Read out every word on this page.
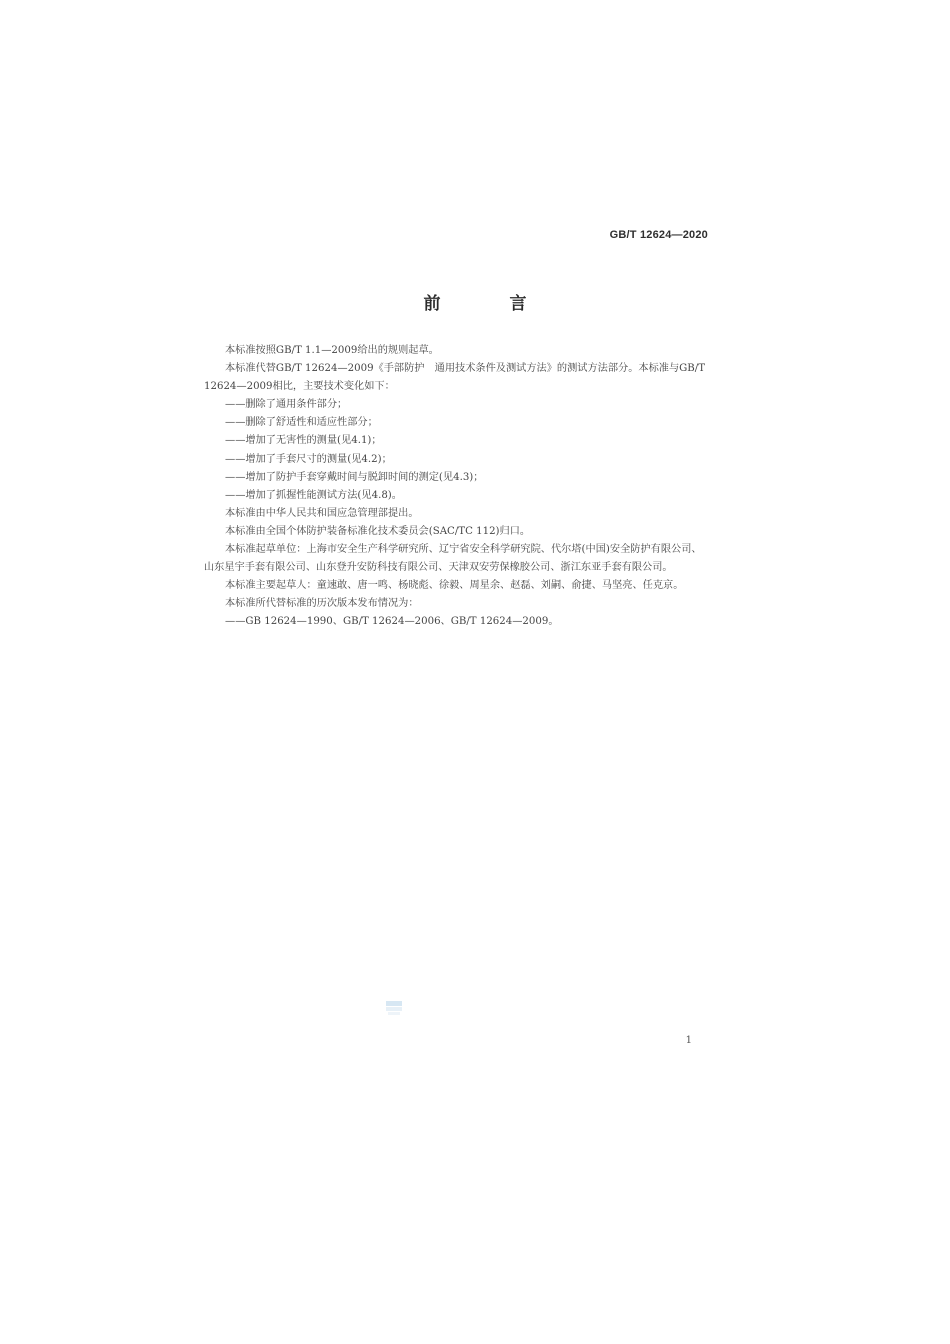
GB/T 12624—2020
前　言

本标准按照GB/T 1.1—2009给出的规则起草。

本标准代替GB/T 12624—2009《手部防护　通用技术条件及测试方法》的测试方法部分。本标准与GB/T 12624—2009相比，主要技术变化如下：

——删除了通用条件部分；

——删除了舒适性和适应性部分；

——增加了无害性的测量(见4.1)；

——增加了手套尺寸的测量(见4.2)；

——增加了防护手套穿戴时间与脱卸时间的测定(见4.3)；

——增加了抓握性能测试方法(见4.8)。

本标准由中华人民共和国应急管理部提出。

本标准由全国个体防护装备标准化技术委员会(SAC/TC 112)归口。

本标准起草单位：上海市安全生产科学研究所、辽宁省安全科学研究院、代尔塔(中国)安全防护有限公司、山东星宇手套有限公司、山东登升安防科技有限公司、天津双安劳保橡胶公司、浙江东亚手套有限公司。

本标准主要起草人：童速敢、唐一鸣、杨晓彪、徐毅、周星余、赵磊、刘嗣、俞捷、马坚亮、任克京。

本标准所代替标准的历次版本发布情况为：

——GB 12624—1990、GB/T 12624—2006、GB/T 12624—2009。

1
